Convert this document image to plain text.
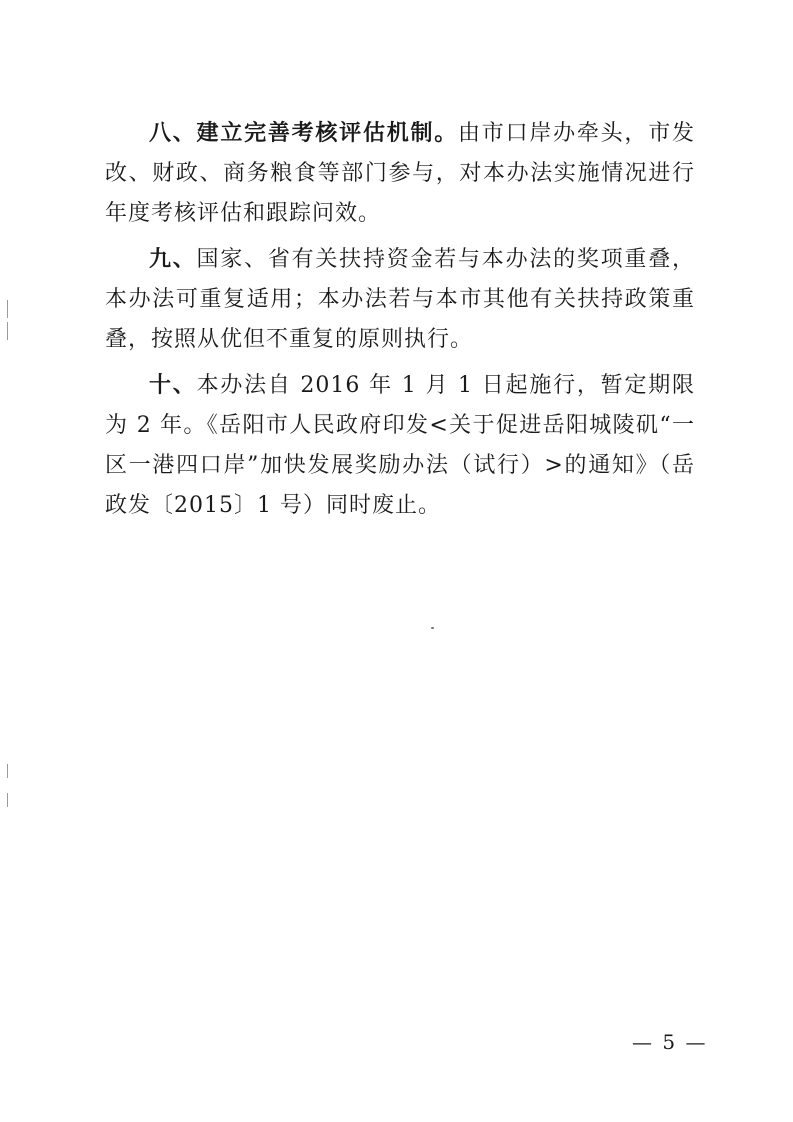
八、建立完善考核评估机制。由市口岸办牵头，市发改、财政、商务粮食等部门参与，对本办法实施情况进行年度考核评估和跟踪问效。

九、国家、省有关扶持资金若与本办法的奖项重叠，本办法可重复适用；本办法若与本市其他有关扶持政策重叠，按照从优但不重复的原则执行。

十、本办法自 2016 年 1 月 1 日起施行，暂定期限为 2 年。《岳阳市人民政府印发<关于促进岳阳城陵矶“一区一港四口岸”加快发展奖励办法（试行）>的通知》（岳政发〔2015〕1 号）同时废止。

— 5 —
